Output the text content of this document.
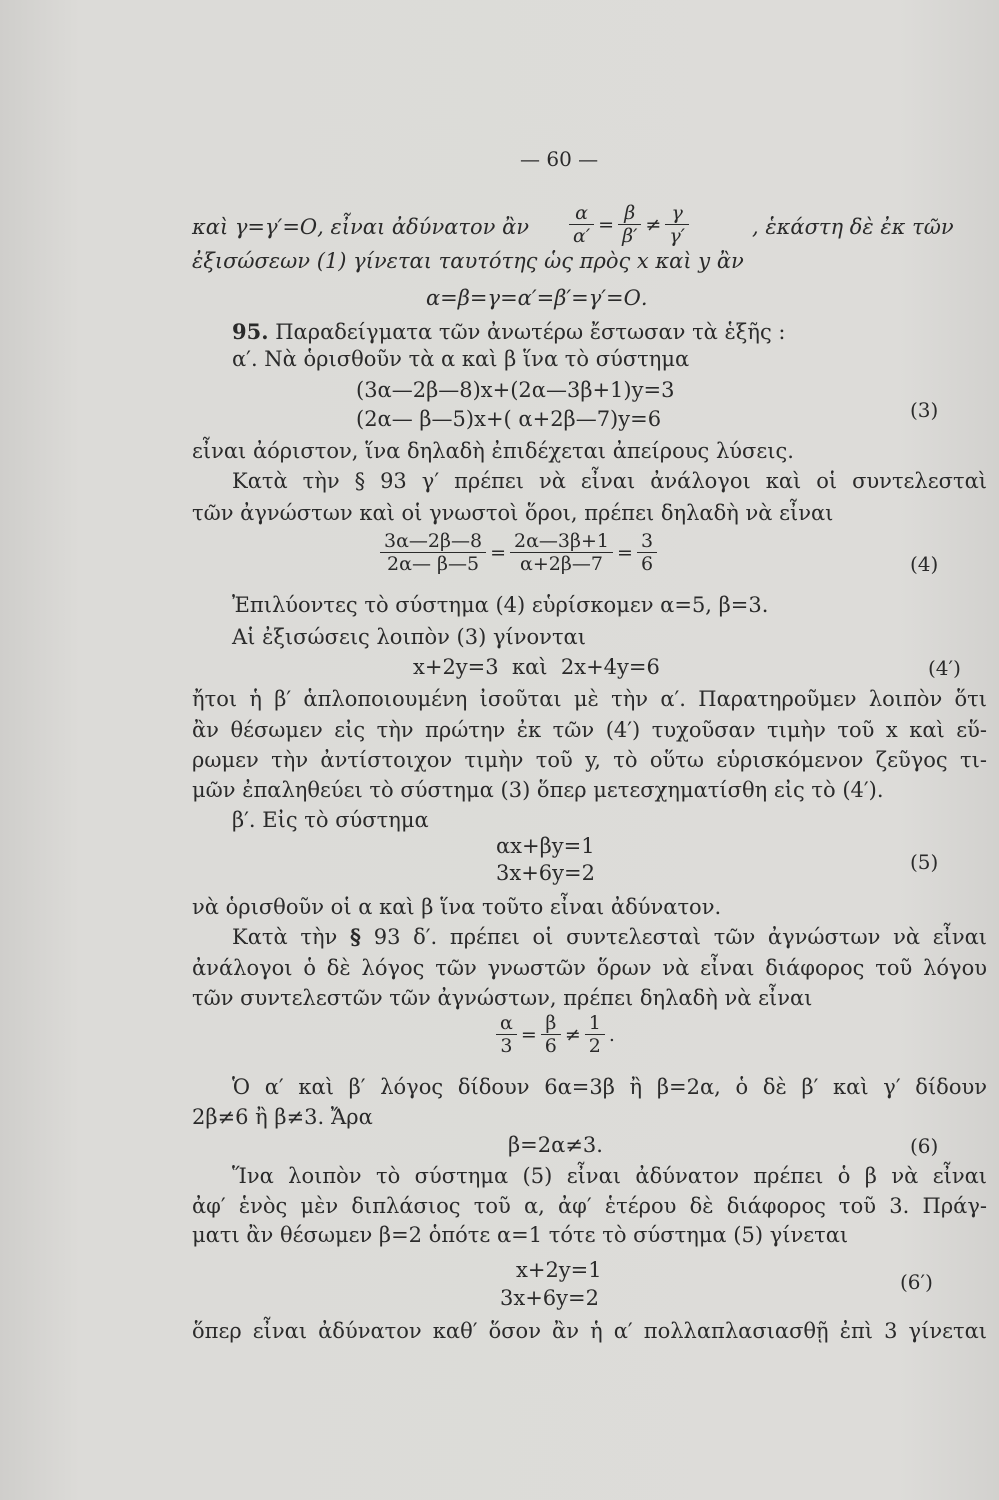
— 60 —
καὶ γ=γ′=Ο, εἶναι ἀδύνατον ἂν $\frac{\alpha}{\alpha'} = \frac{\beta}{\beta'} \ne \frac{\gamma}{\gamma'}$	, ἑκάστη δὲ ἐκ τῶν
ἐξισώσεων (1) γίνεται ταυτότης ὡς πρὸς x καὶ y ἂν
α=β=γ=α′=β′=γ′=Ο.
95. Παραδείγματα τῶν ἀνωτέρω ἔστωσαν τὰ ἑξῆς :
α′. Νὰ ὁρισθοῦν τὰ α καὶ β ἵνα τὸ σύστημα
(3α—2β—8)x+(2α—3β+1)y=3
(2α— β—5)x+( α+2β—7)y=6	(3)
εἶναι ἀόριστον, ἵνα δηλαδὴ ἐπιδέχεται ἀπείρους λύσεις.
Κατὰ τὴν § 93 γ′ πρέπει νὰ εἶναι ἀνάλογοι καὶ οἱ συντελεσταὶ
τῶν ἀγνώστων καὶ οἱ γνωστοὶ ὅροι, πρέπει δηλαδὴ νὰ εἶναι
$\frac{3\alpha—2\beta—8}{2\alpha— \beta—5} = \frac{2\alpha—3\beta+1}{\alpha+2\beta—7} = \frac{3}{6}$	(4)
Ἐπιλύοντες τὸ σύστημα (4) εὑρίσκομεν α=5, β=3.
Αἱ ἐξισώσεις λοιπὸν (3) γίνονται
x+2y=3  καὶ  2x+4y=6	(4′)
ἤτοι ἡ β′ ἁπλοποιουμένη ἰσοῦται μὲ τὴν α′. Παρατηροῦμεν λοιπὸν ὅτι
ἂν θέσωμεν εἰς τὴν πρώτην ἐκ τῶν (4′) τυχοῦσαν τιμὴν τοῦ x καὶ εὕ-
ρωμεν τὴν ἀντίστοιχον τιμὴν τοῦ y, τὸ οὕτω εὑρισκόμενον ζεῦγος τι-
μῶν ἐπαληθεύει τὸ σύστημα (3) ὅπερ μετεσχηματίσθη εἰς τὸ (4′).
β′. Εἰς τὸ σύστημα
αx+βy=1
3x+6y=2	(5)
νὰ ὁρισθοῦν οἱ α καὶ β ἵνα τοῦτο εἶναι ἀδύνατον.
Κατὰ τὴν § 93 δ′. πρέπει οἱ συντελεσταὶ τῶν ἀγνώστων νὰ εἶναι
ἀνάλογοι ὁ δὲ λόγος τῶν γνωστῶν ὅρων νὰ εἶναι διάφορος τοῦ λόγου
τῶν συντελεστῶν τῶν ἀγνώστων, πρέπει δηλαδὴ νὰ εἶναι
$\frac{\alpha}{3} = \frac{\beta}{6} \ne \frac{1}{2}$ .
Ὁ α′ καὶ β′ λόγος δίδουν 6α=3β ἢ β=2α, ὁ δὲ β′ καὶ γ′ δίδουν
2β≠6 ἢ β≠3. Ἄρα
β=2α≠3.	(6)
Ἵνα λοιπὸν τὸ σύστημα (5) εἶναι ἀδύνατον πρέπει ὁ β νὰ εἶναι
ἀφ′ ἑνὸς μὲν διπλάσιος τοῦ α, ἀφ′ ἑτέρου δὲ διάφορος τοῦ 3. Πράγ-
ματι ἂν θέσωμεν β=2 ὁπότε α=1 τότε τὸ σύστημα (5) γίνεται
x+2y=1
3x+6y=2
(6′)
ὅπερ εἶναι ἀδύνατον καθ′ ὅσον ἂν ἡ α′ πολλαπλασιασθῇ ἐπὶ 3 γίνεται
